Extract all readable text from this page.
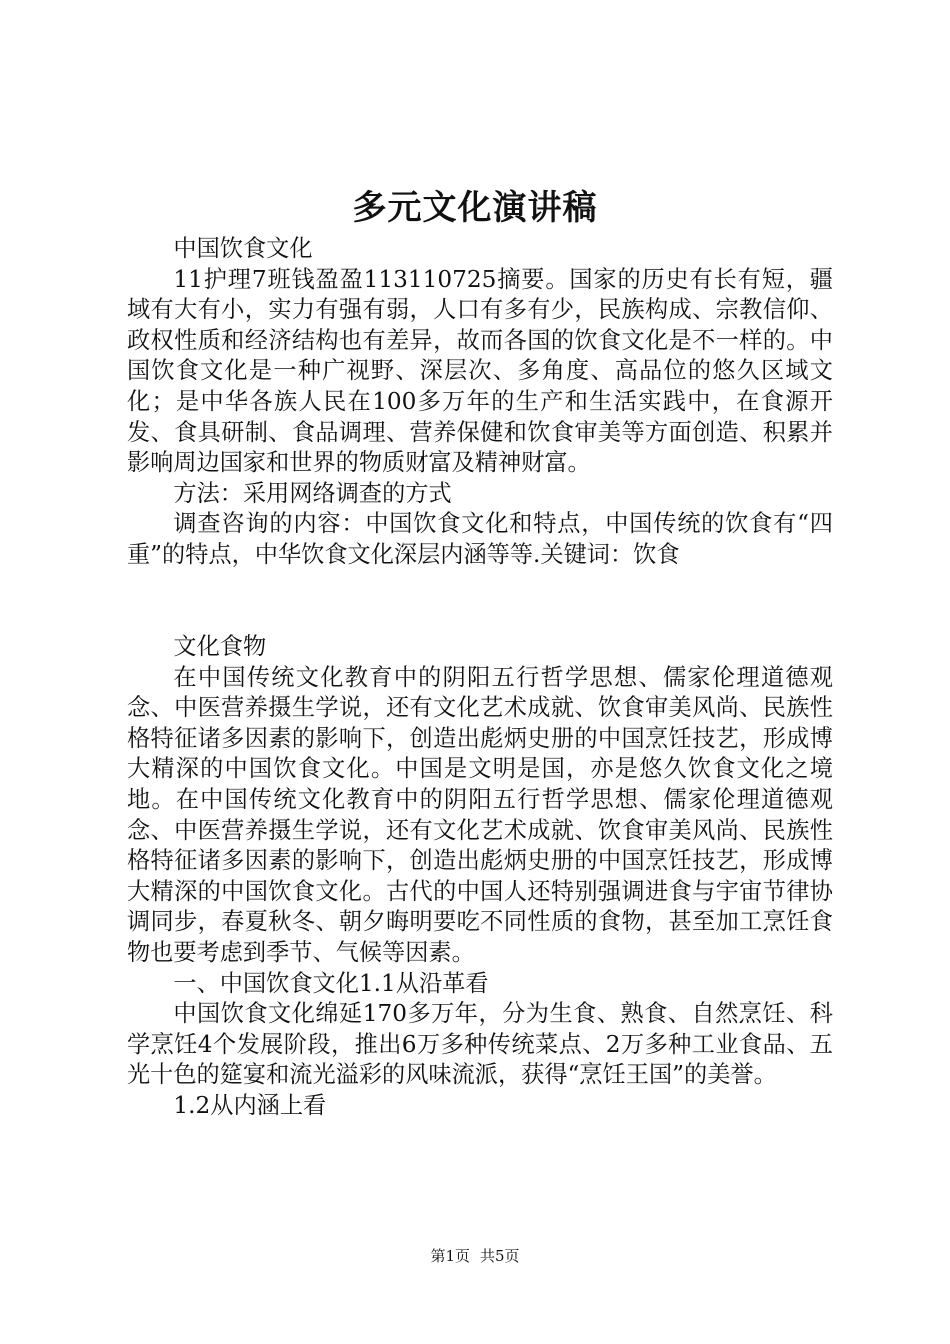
多元文化演讲稿

中国饮食文化

11护理7班钱盈盈113110725摘要。国家的历史有长有短，疆域有大有小，实力有强有弱，人口有多有少，民族构成、宗教信仰、政权性质和经济结构也有差异，故而各国的饮食文化是不一样的。中国饮食文化是一种广视野、深层次、多角度、高品位的悠久区域文化；是中华各族人民在100多万年的生产和生活实践中，在食源开发、食具研制、食品调理、营养保健和饮食审美等方面创造、积累并影响周边国家和世界的物质财富及精神财富。

方法：采用网络调查的方式

调查咨询的内容：中国饮食文化和特点，中国传统的饮食有“四重”的特点，中华饮食文化深层内涵等等.关键词：饮食

文化食物

在中国传统文化教育中的阴阳五行哲学思想、儒家伦理道德观念、中医营养摄生学说，还有文化艺术成就、饮食审美风尚、民族性格特征诸多因素的影响下，创造出彪炳史册的中国烹饪技艺，形成博大精深的中国饮食文化。中国是文明是国，亦是悠久饮食文化之境地。在中国传统文化教育中的阴阳五行哲学思想、儒家伦理道德观念、中医营养摄生学说，还有文化艺术成就、饮食审美风尚、民族性格特征诸多因素的影响下，创造出彪炳史册的中国烹饪技艺，形成博大精深的中国饮食文化。古代的中国人还特别强调进食与宇宙节律协调同步，春夏秋冬、朝夕晦明要吃不同性质的食物，甚至加工烹饪食物也要考虑到季节、气候等因素。

一、中国饮食文化1.1从沿革看

中国饮食文化绵延170多万年，分为生食、熟食、自然烹饪、科学烹饪4个发展阶段，推出6万多种传统菜点、2万多种工业食品、五光十色的筵宴和流光溢彩的风味流派，获得“烹饪王国”的美誉。

1.2从内涵上看

第1页 共5页
